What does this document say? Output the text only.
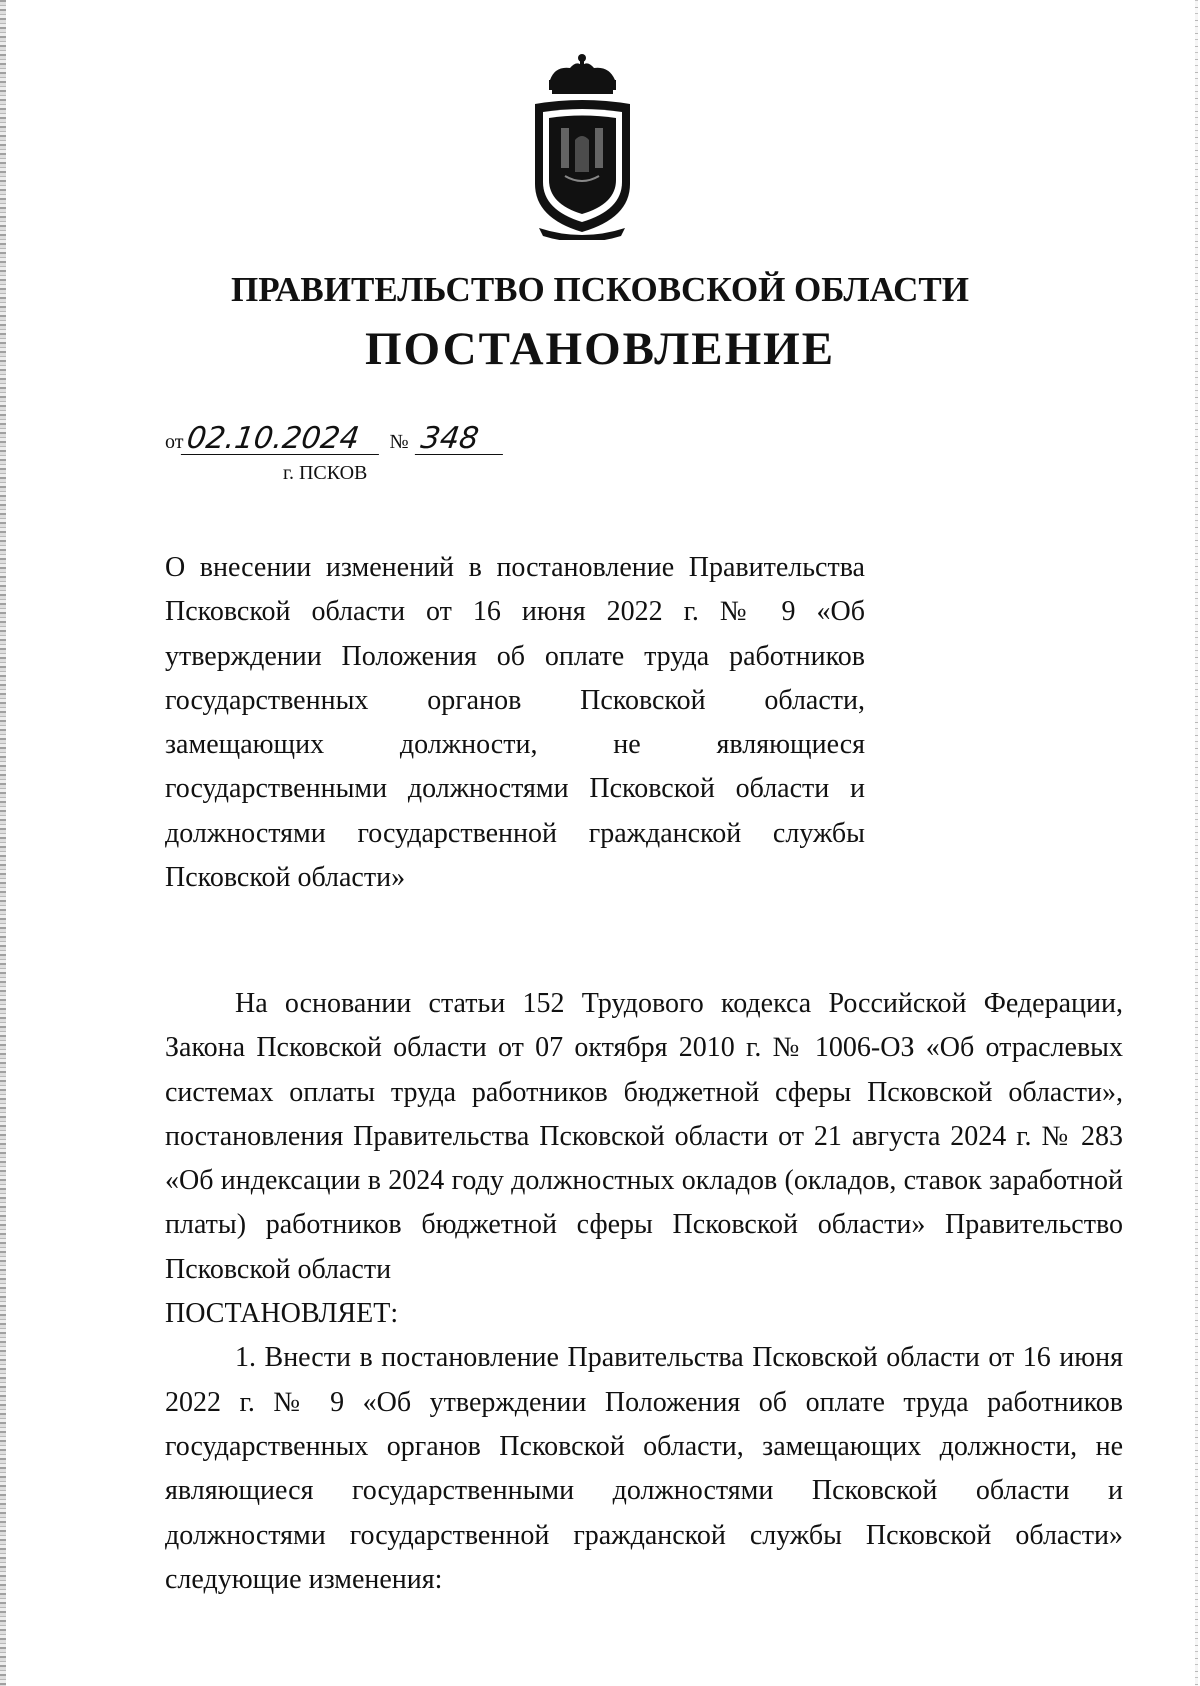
ПРАВИТЕЛЬСТВО ПСКОВСКОЙ ОБЛАСТИ
ПОСТАНОВЛЕНИЕ
от02.10.2024 № 348
г. ПСКОВ
О внесении изменений в постановление Правительства Псковской области от 16 июня 2022 г. № 9 «Об утверждении Положения об оплате труда работников государственных органов Псковской области, замещающих должности, не являющиеся государственными должностями Псковской области и должностями государственной гражданской службы Псковской области»

На основании статьи 152 Трудового кодекса Российской Федерации, Закона Псковской области от 07 октября 2010 г. № 1006-ОЗ «Об отраслевых системах оплаты труда работников бюджетной сферы Псковской области», постановления Правительства Псковской области от 21 августа 2024 г. № 283 «Об индексации в 2024 году должностных окладов (окладов, ставок заработной платы) работников бюджетной сферы Псковской области» Правительство Псковской области

ПОСТАНОВЛЯЕТ:

1. Внести в постановление Правительства Псковской области от 16 июня 2022 г. № 9 «Об утверждении Положения об оплате труда работников государственных органов Псковской области, замещающих должности, не являющиеся государственными должностями Псковской области и должностями государственной гражданской службы Псковской области» следующие изменения:
